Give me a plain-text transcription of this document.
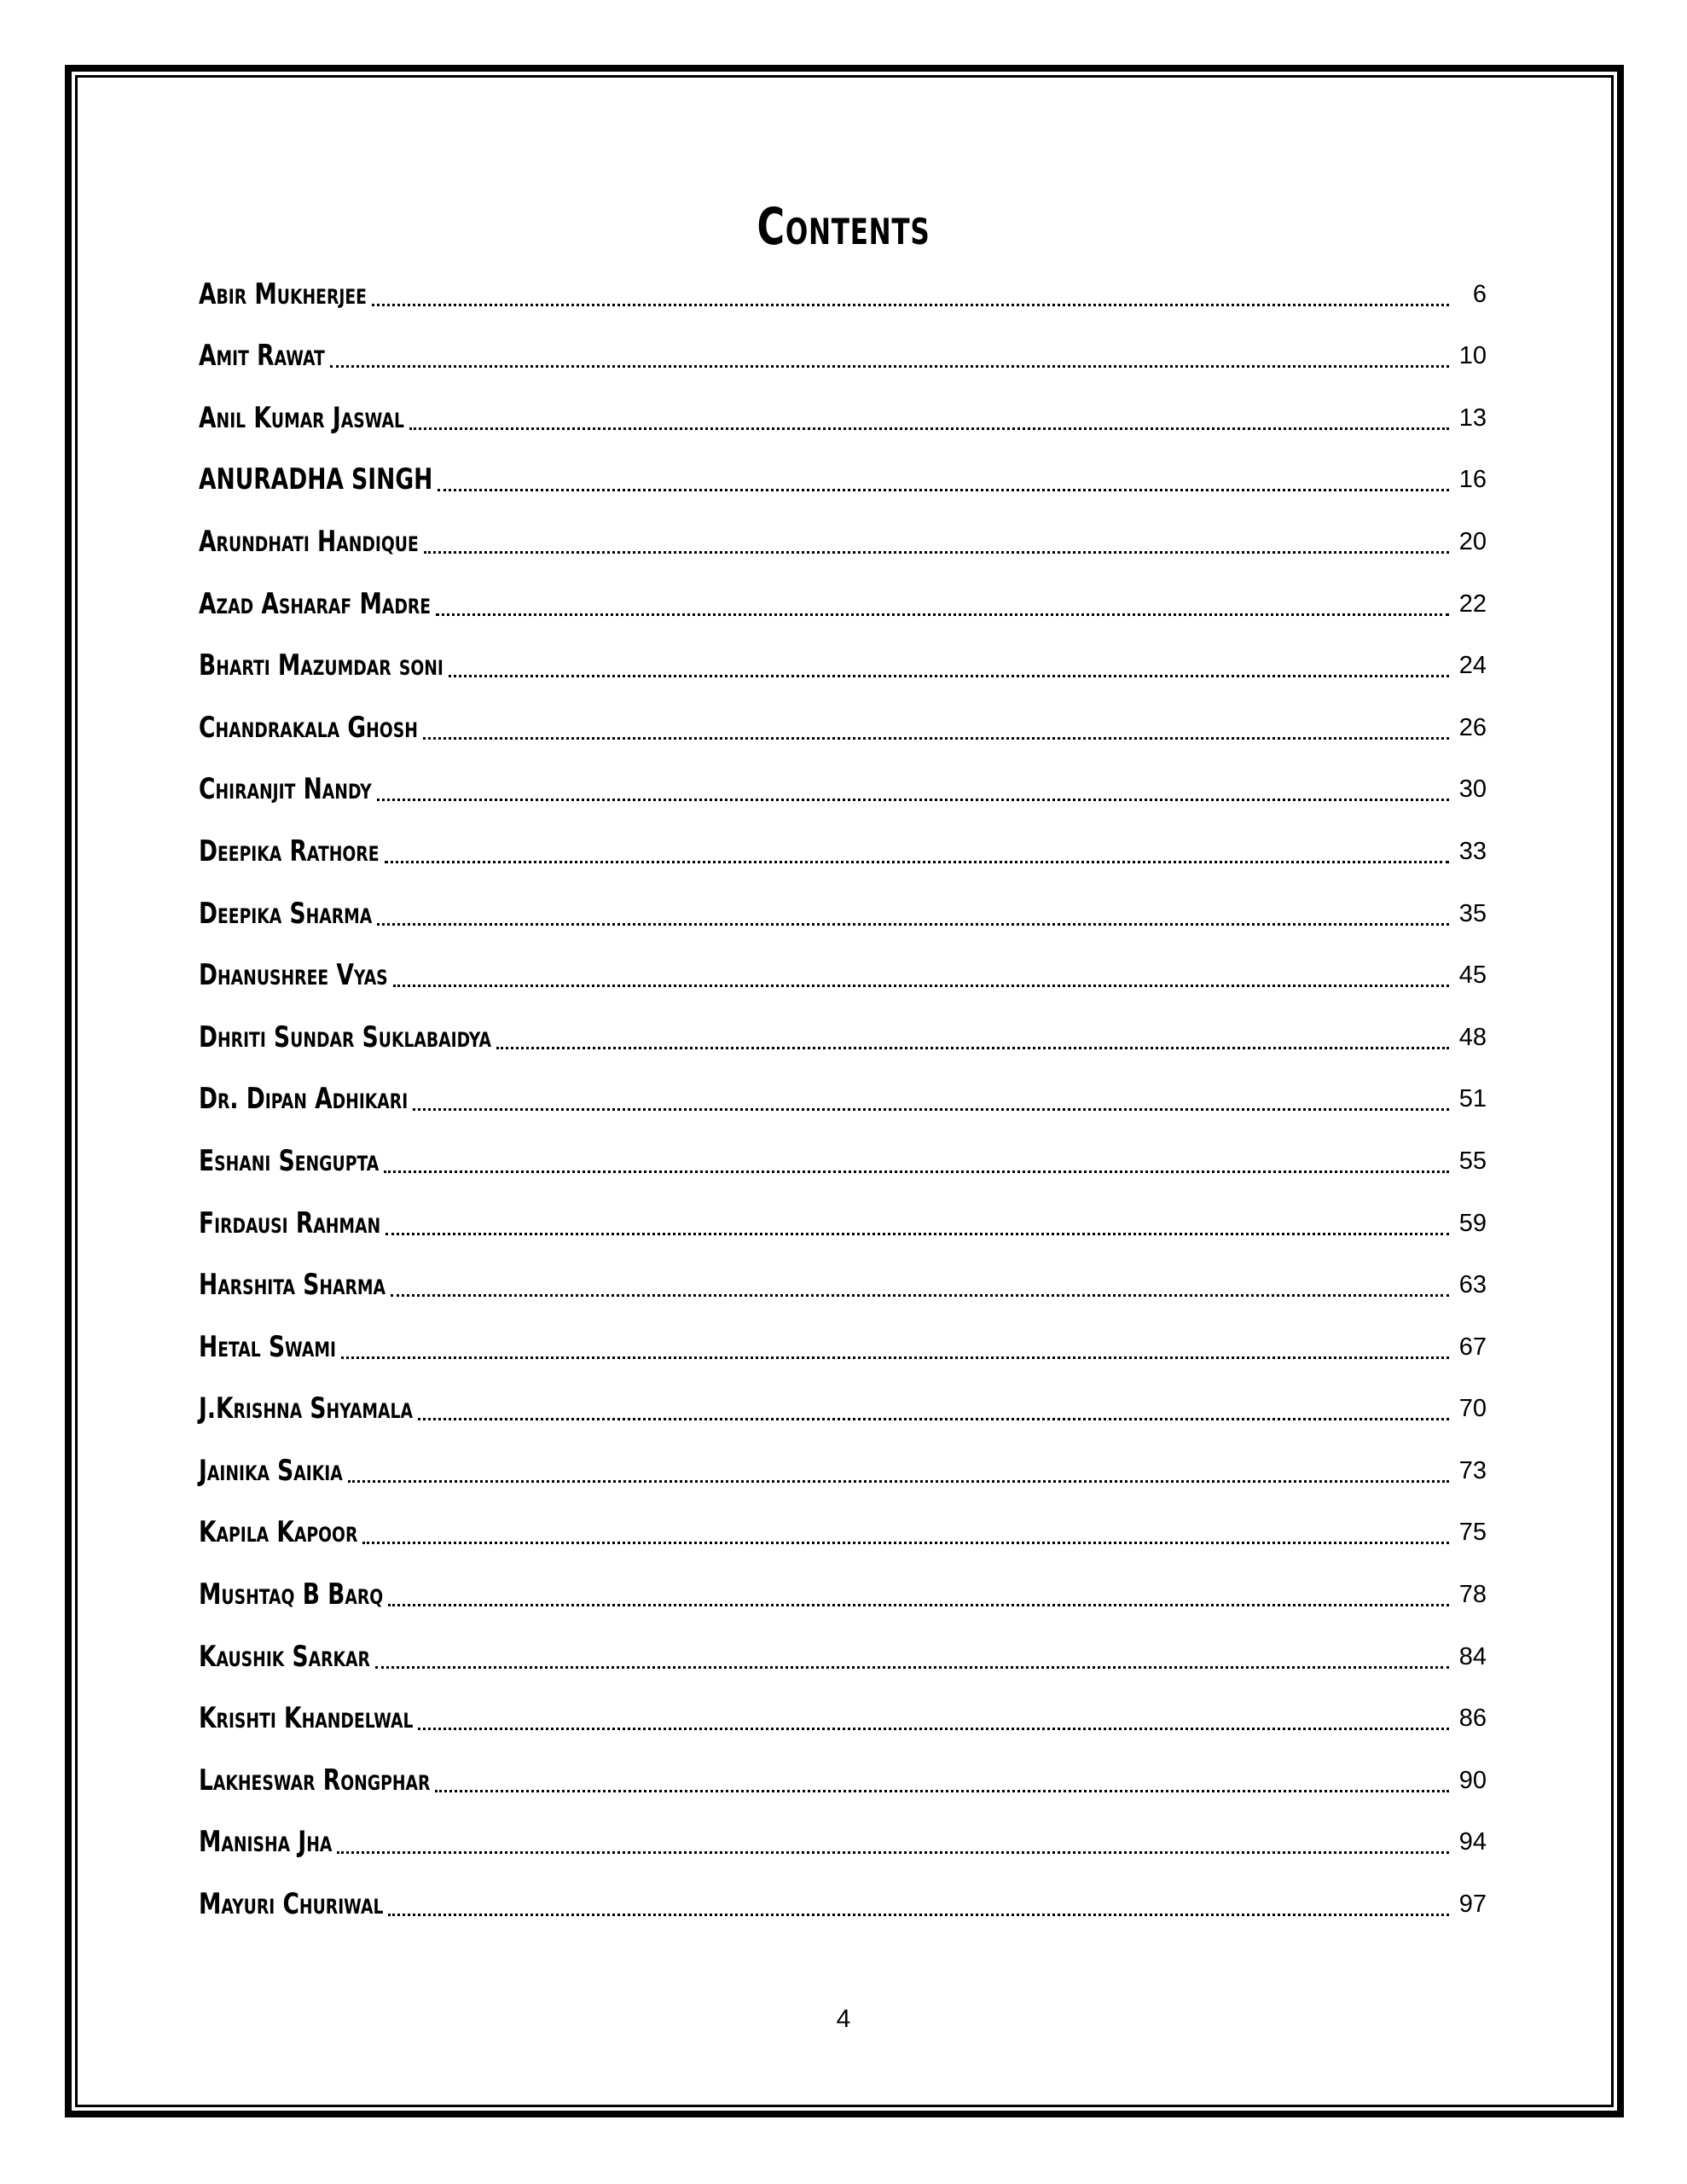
Contents
Abir Mukherjee	6
Amit Rawat	10
Anil Kumar Jaswal	13
ANURADHA SINGH	16
Arundhati Handique	20
Azad Asharaf Madre	22
Bharti Mazumdar soni	24
Chandrakala Ghosh	26
Chiranjit Nandy	30
Deepika Rathore	33
Deepika Sharma	35
Dhanushree Vyas	45
Dhriti Sundar Suklabaidya	48
Dr. Dipan Adhikari	51
Eshani Sengupta	55
Firdausi Rahman	59
Harshita Sharma	63
Hetal Swami	67
J.Krishna Shyamala	70
Jainika Saikia	73
Kapila Kapoor	75
Mushtaq B Barq	78
Kaushik Sarkar	84
Krishti Khandelwal	86
Lakheswar Rongphar	90
Manisha Jha	94
Mayuri Churiwal	97
4
